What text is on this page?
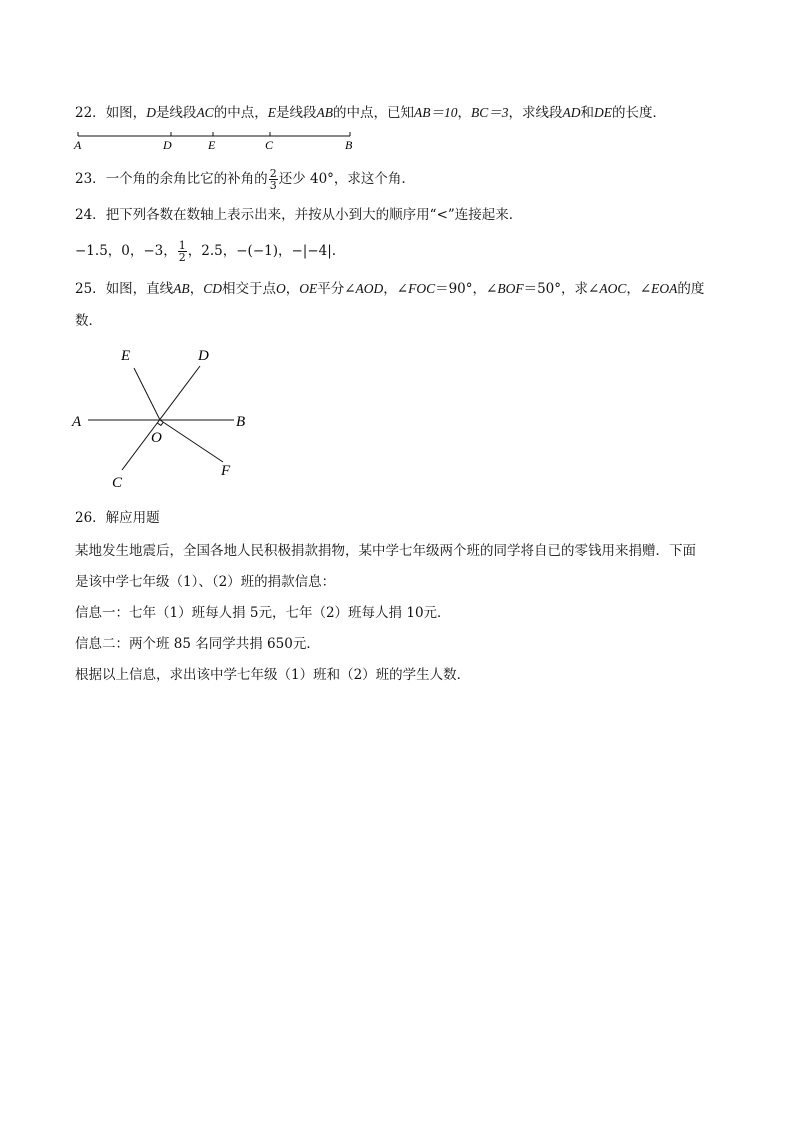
22．如图，D是线段AC的中点，E是线段AB的中点，已知AB＝10，BC＝3，求线段AD和DE的长度．
A	D	E	C	B
23．一个角的余角比它的补角的 $\frac{2}{3}$ 还少 40°，求这个角.
24．把下列各数在数轴上表示出来，并按从小到大的顺序用“<”连接起来．
−1.5，0，−3， $\frac{1}{2}$ ，2.5，−(−1)，−|−4|.
25．如图，直线AB，CD相交于点O，OE平分∠AOD，∠FOC＝90°，∠BOF＝50°，求∠AOC，∠EOA的度
数．
E	D
A	B
O
C
F
26．解应用题
某地发生地震后，全国各地人民积极捐款捐物，某中学七年级两个班的同学将自已的零钱用来捐赠．下面
是该中学七年级（1）、（2）班的捐款信息：
信息一：七年（1）班每人捐 5元，七年（2）班每人捐 10元．
信息二：两个班 85 名同学共捐 650元．
根据以上信息，求出该中学七年级（1）班和（2）班的学生人数．
